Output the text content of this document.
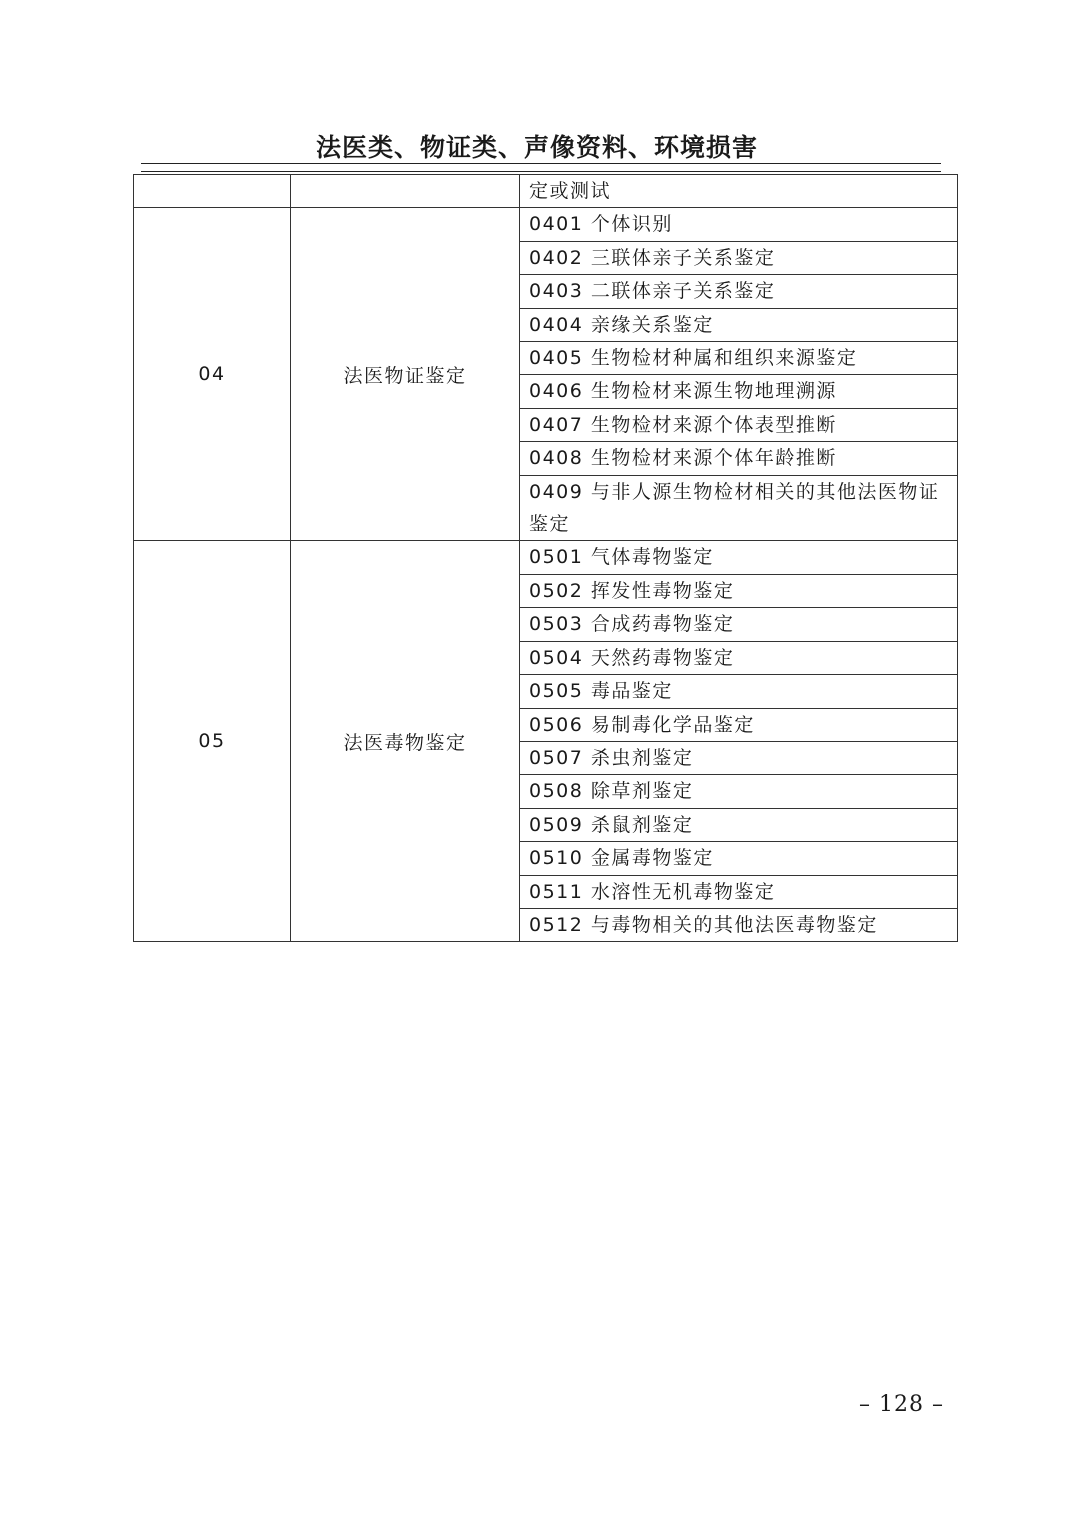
法医类、物证类、声像资料、环境损害
		定或测试
04	法医物证鉴定	0401 个体识别
		0402 三联体亲子关系鉴定
		0403 二联体亲子关系鉴定
		0404 亲缘关系鉴定
		0405 生物检材种属和组织来源鉴定
		0406 生物检材来源生物地理溯源
		0407 生物检材来源个体表型推断
		0408 生物检材来源个体年龄推断
		0409 与非人源生物检材相关的其他法医物证鉴定
05	法医毒物鉴定	0501 气体毒物鉴定
		0502 挥发性毒物鉴定
		0503 合成药毒物鉴定
		0504 天然药毒物鉴定
		0505 毒品鉴定
		0506 易制毒化学品鉴定
		0507 杀虫剂鉴定
		0508 除草剂鉴定
		0509 杀鼠剂鉴定
		0510 金属毒物鉴定
		0511 水溶性无机毒物鉴定
		0512 与毒物相关的其他法医毒物鉴定
– 128 –
